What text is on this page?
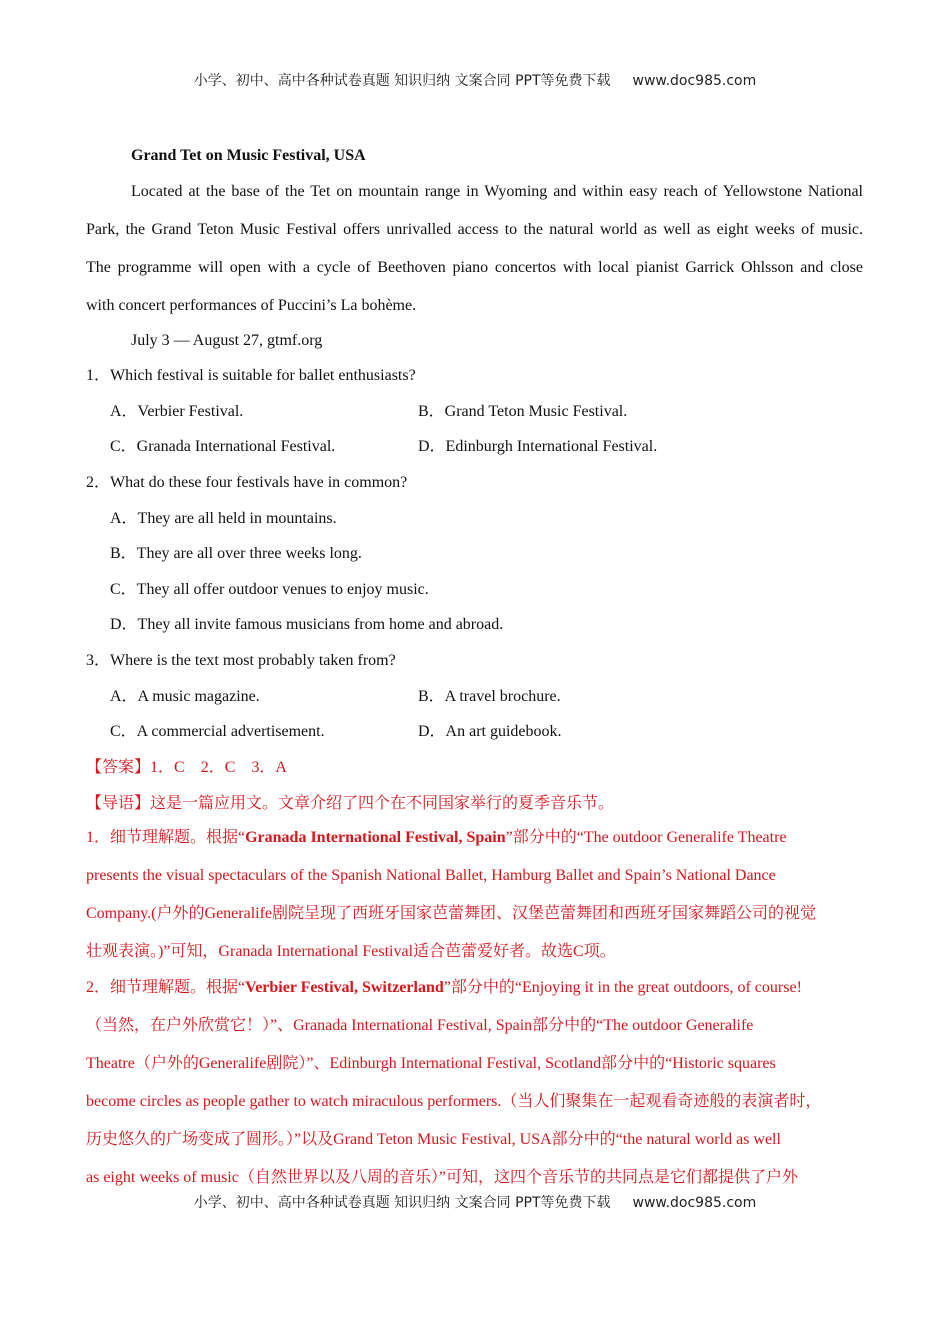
小学、初中、高中各种试卷真题 知识归纳 文案合同 PPT等免费下载 www.doc985.com
Grand Tet on Music Festival, USA
Located at the base of the Tet on mountain range in Wyoming and within easy reach of Yellowstone National
Park, the Grand Teton Music Festival offers unrivalled access to the natural world as well as eight weeks of music.
The programme will open with a cycle of Beethoven piano concertos with local pianist Garrick Ohlsson and close
with concert performances of Puccini’s La bohème.
July 3 — August 27, gtmf.org
1．Which festival is suitable for ballet enthusiasts?
A．Verbier Festival.	B．Grand Teton Music Festival.
C．Granada International Festival.	D．Edinburgh International Festival.
2．What do these four festivals have in common?
A．They are all held in mountains.
B．They are all over three weeks long.
C．They all offer outdoor venues to enjoy music.
D．They all invite famous musicians from home and abroad.
3．Where is the text most probably taken from?
A．A music magazine.	B．A travel brochure.
C．A commercial advertisement.	D．An art guidebook.
【答案】1．C 2．C 3．A
【导语】这是一篇应用文。文章介绍了四个在不同国家举行的夏季音乐节。
1．细节理解题。根据“Granada International Festival, Spain”部分中的“The outdoor Generalife Theatre
presents the visual spectaculars of the Spanish National Ballet, Hamburg Ballet and Spain’s National Dance
Company.(户外的Generalife剧院呈现了西班牙国家芭蕾舞团、汉堡芭蕾舞团和西班牙国家舞蹈公司的视觉
壮观表演。)”可知，Granada International Festival适合芭蕾爱好者。故选C项。
2．细节理解题。根据“Verbier Festival, Switzerland”部分中的“Enjoying it in the great outdoors, of course!
（当然，在户外欣赏它！）”、Granada International Festival, Spain部分中的“The outdoor Generalife
Theatre（户外的Generalife剧院）”、Edinburgh International Festival, Scotland部分中的“Historic squares
become circles as people gather to watch miraculous performers.（当人们聚集在一起观看奇迹般的表演者时，
历史悠久的广场变成了圆形。）”以及Grand Teton Music Festival, USA部分中的“the natural world as well
as eight weeks of music（自然世界以及八周的音乐）”可知，这四个音乐节的共同点是它们都提供了户外
小学、初中、高中各种试卷真题 知识归纳 文案合同 PPT等免费下载 www.doc985.com
